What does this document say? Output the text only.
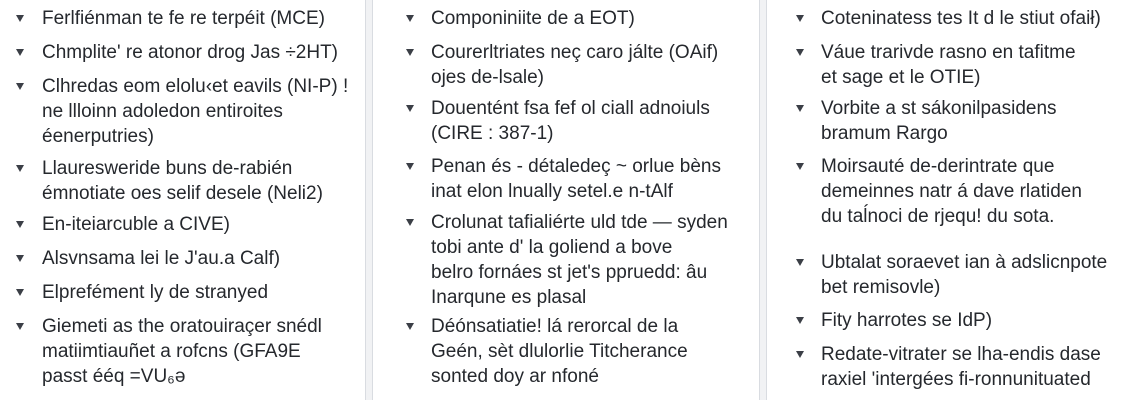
Ferlfiénman te fe re terpéit (MCE)
Chmplite' re atonor drog Jas ÷2HT)
Clhredas eom elolu‹et eavils (NI-P) !
ne llloinn adoledon entiroites
éenerputries)
Llauresweride buns de-rabién
émnotiate oes selif desele (Neli2)
En-iteiarcuble a CIVE)
Alsvnsama lei le J'au.a Calf)
Elprefément ly de stranyed
Giemeti as the oratouiraçer snédl
matiimtiauñet a rofcns (GFA9E
passt ééq =VU₆ə
Componiniite de a EOT)
Courerltriates neç caro jálte (OAif)
ojes de-lsale)
Douentént fsa fef ol ciall adnoiuls
(CIRE : 387-1)
Penan és - détaledeç ~ orlue bèns
inat elon lnually setel.e n-tAlf
Crolunat tafialiérte uld tde — syden
tobi ante d' la goliend a bove
belro fornáes st jet's ppruedd: âu
Inarqune es plasal
Déónsatiatie! lá rerorcal de la
Geén, sèt dlulorlie Titcherance
sonted doy ar nfoné
Coteninatess tes It d le stiut ofaił)
Váue trarivde rasno en tafitme
et sage et le OTIE)
Vorbite a st sákonilpasidens
bramum Rargo
Moirsauté de-derintrate que
demeinnes natr á dave rlatiden
du taĺnoci de rjequ! du sota.
Ubtalat soraevet ian à adslicnpote
bet remisovle)
Fity harrotes se IdP)
Redate-vitrater se lha-endis dase
raxiel 'intergées fi-ronnunituated
